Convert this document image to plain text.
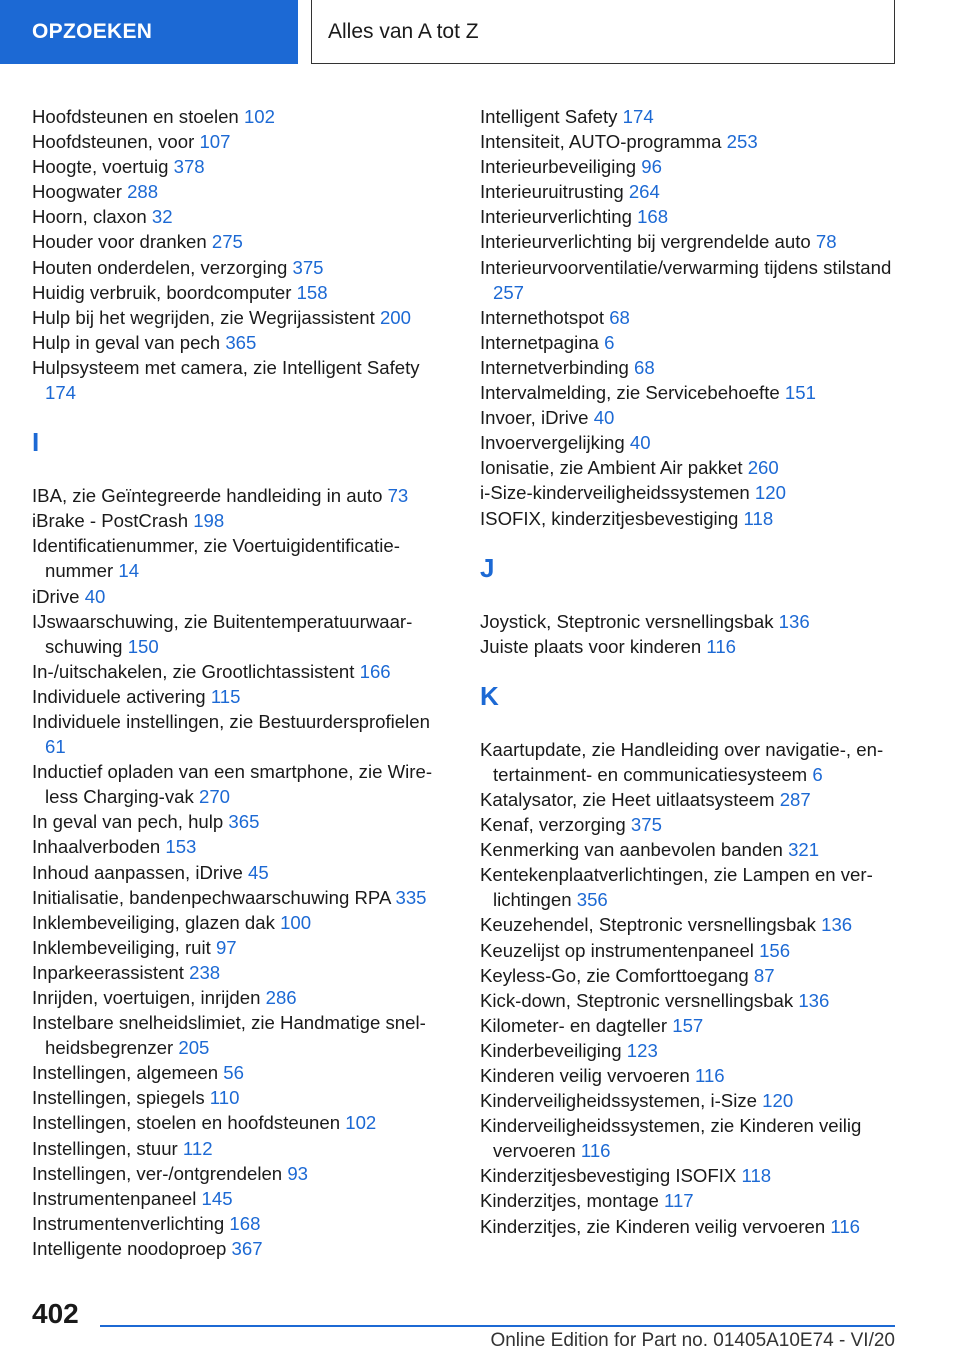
OPZOEKEN	Alles van A tot Z
Hoofdsteunen en stoelen 102
Hoofdsteunen, voor 107
Hoogte, voertuig 378
Hoogwater 288
Hoorn, claxon 32
Houder voor dranken 275
Houten onderdelen, verzorging 375
Huidig verbruik, boordcomputer 158
Hulp bij het wegrijden, zie Wegrijassistent 200
Hulp in geval van pech 365
Hulpsysteem met camera, zie Intelligent Safety 174
I
IBA, zie Geïntegreerde handleiding in auto 73
iBrake - PostCrash 198
Identificatienummer, zie Voertuigidentificatienummer 14
iDrive 40
IJswaarschuwing, zie Buitentemperatuurwaarschuwing 150
In-/uitschakelen, zie Grootlichtassistent 166
Individuele activering 115
Individuele instellingen, zie Bestuurdersprofielen 61
Inductief opladen van een smartphone, zie Wireless Charging-vak 270
In geval van pech, hulp 365
Inhaalverboden 153
Inhoud aanpassen, iDrive 45
Initialisatie, bandenpechwaarschuwing RPA 335
Inklembeveiliging, glazen dak 100
Inklembeveiliging, ruit 97
Inparkeerassistent 238
Inrijden, voertuigen, inrijden 286
Instelbare snelheidslimiet, zie Handmatige snelheidsbegrenzer 205
Instellingen, algemeen 56
Instellingen, spiegels 110
Instellingen, stoelen en hoofdsteunen 102
Instellingen, stuur 112
Instellingen, ver-/ontgrendelen 93
Instrumentenpaneel 145
Instrumentenverlichting 168
Intelligente noodoproep 367
Intelligent Safety 174
Intensiteit, AUTO-programma 253
Interieurbeveiliging 96
Interieuruitrusting 264
Interieurverlichting 168
Interieurverlichting bij vergrendelde auto 78
Interieurvoorventilatie/verwarming tijdens stilstand 257
Internethotspot 68
Internetpagina 6
Internetverbinding 68
Intervalmelding, zie Servicebehoefte 151
Invoer, iDrive 40
Invoervergelijking 40
Ionisatie, zie Ambient Air pakket 260
i-Size-kinderveiligheidssystemen 120
ISOFIX, kinderzitjesbevestiging 118
J
Joystick, Steptronic versnellingsbak 136
Juiste plaats voor kinderen 116
K
Kaartupdate, zie Handleiding over navigatie-, entertainment- en communicatiesysteem 6
Katalysator, zie Heet uitlaatsysteem 287
Kenaf, verzorging 375
Kenmerking van aanbevolen banden 321
Kentekenplaatverlichtingen, zie Lampen en verlichtingen 356
Keuzehendel, Steptronic versnellingsbak 136
Keuzelijst op instrumentenpaneel 156
Keyless-Go, zie Comforttoegang 87
Kick-down, Steptronic versnellingsbak 136
Kilometer- en dagteller 157
Kinderbeveiliging 123
Kinderen veilig vervoeren 116
Kinderveiligheidssystemen, i-Size 120
Kinderveiligheidssystemen, zie Kinderen veilig vervoeren 116
Kinderzitjesbevestiging ISOFIX 118
Kinderzitjes, montage 117
Kinderzitjes, zie Kinderen veilig vervoeren 116
402
Online Edition for Part no. 01405A10E74 - VI/20
